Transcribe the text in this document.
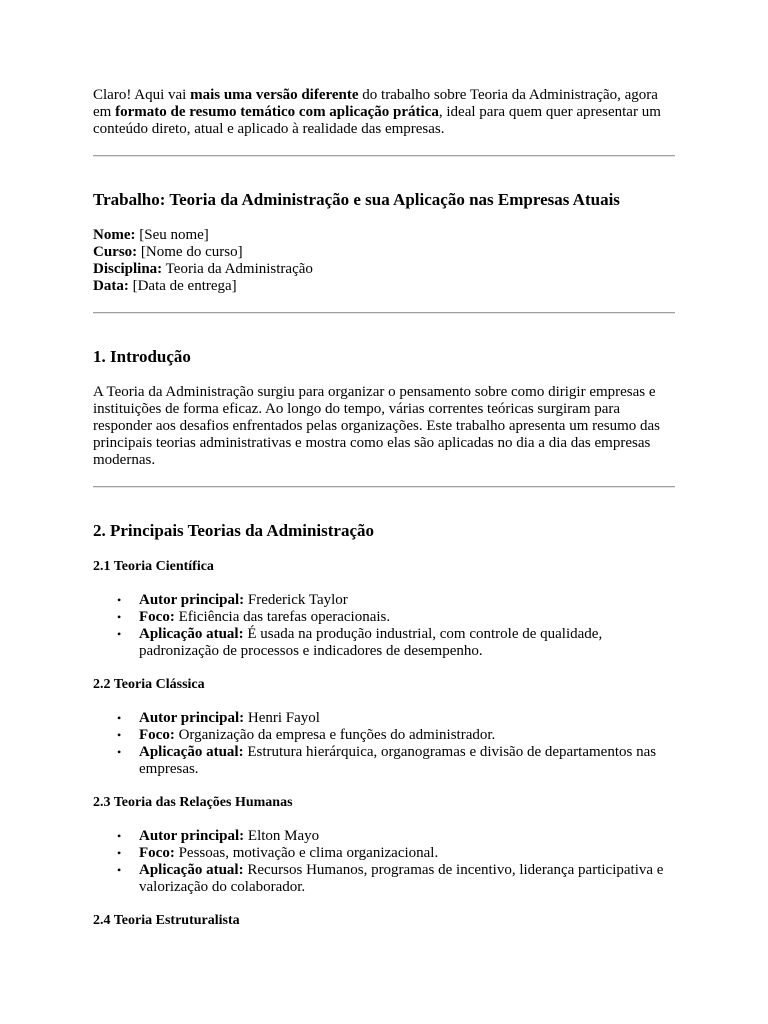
Claro! Aqui vai mais uma versão diferente do trabalho sobre Teoria da Administração, agora em formato de resumo temático com aplicação prática, ideal para quem quer apresentar um conteúdo direto, atual e aplicado à realidade das empresas.

Trabalho: Teoria da Administração e sua Aplicação nas Empresas Atuais

Nome: [Seu nome]

Curso: [Nome do curso]

Disciplina: Teoria da Administração

Data: [Data de entrega]

1. Introdução

A Teoria da Administração surgiu para organizar o pensamento sobre como dirigir empresas e instituições de forma eficaz. Ao longo do tempo, várias correntes teóricas surgiram para responder aos desafios enfrentados pelas organizações. Este trabalho apresenta um resumo das principais teorias administrativas e mostra como elas são aplicadas no dia a dia das empresas modernas.

2. Principais Teorias da Administração
2.1 Teoria Científica
• Autor principal: Frederick Taylor
• Foco: Eficiência das tarefas operacionais.
• Aplicação atual: É usada na produção industrial, com controle de qualidade, padronização de processos e indicadores de desempenho.
2.2 Teoria Clássica
• Autor principal: Henri Fayol
• Foco: Organização da empresa e funções do administrador.
• Aplicação atual: Estrutura hierárquica, organogramas e divisão de departamentos nas empresas.
2.3 Teoria das Relações Humanas
• Autor principal: Elton Mayo
• Foco: Pessoas, motivação e clima organizacional.
• Aplicação atual: Recursos Humanos, programas de incentivo, liderança participativa e valorização do colaborador.
2.4 Teoria Estruturalista
